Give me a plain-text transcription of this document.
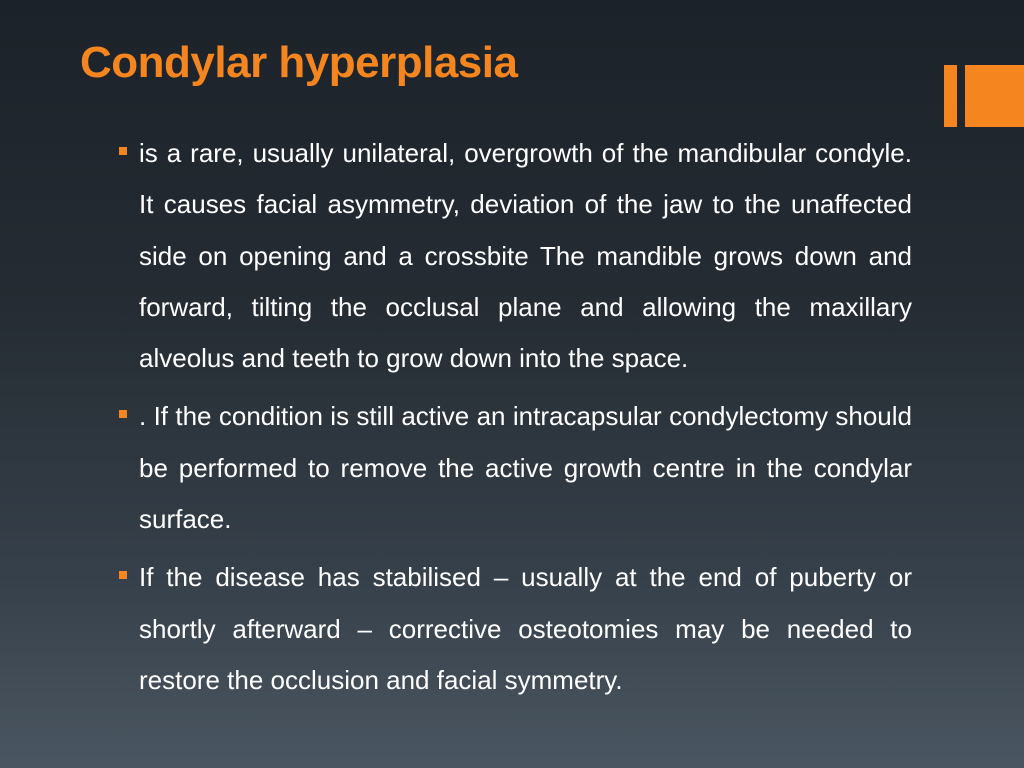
Condylar hyperplasia
is a rare, usually unilateral, overgrowth of the mandibular condyle. It causes facial asymmetry, deviation of the jaw to the unaffected side on opening and a crossbite The mandible grows down and forward, tilting the occlusal plane and allowing the maxillary alveolus and teeth to grow down into the space.
. If the condition is still active an intracapsular condylectomy should be performed to remove the active growth centre in the condylar surface.
If the disease has stabilised – usually at the end of puberty or shortly afterward – corrective osteotomies may be needed to restore the occlusion and facial symmetry.
